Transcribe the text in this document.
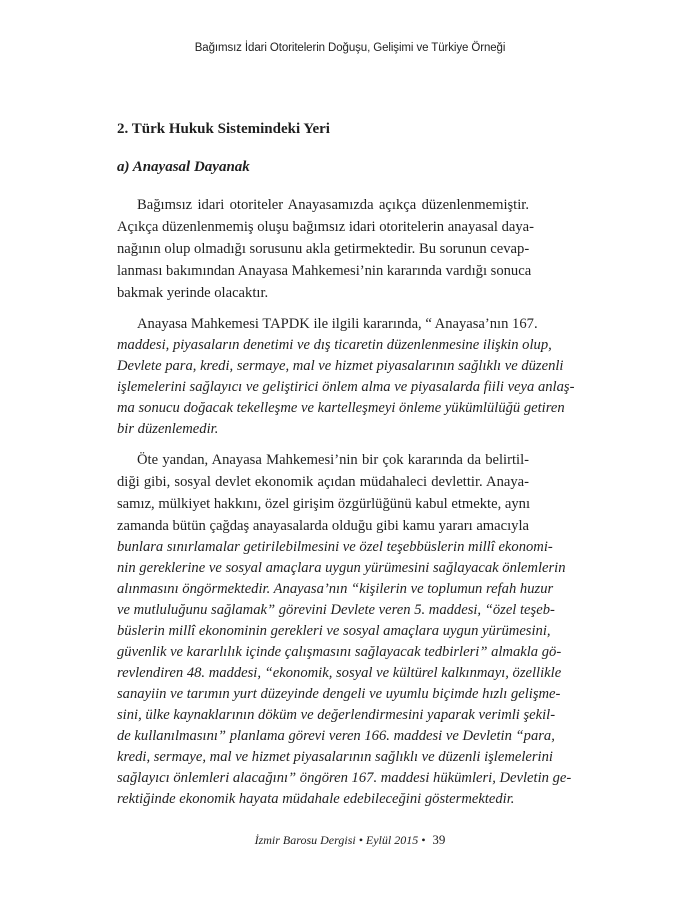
Bağımsız İdari Otoritelerin Doğuşu, Gelişimi ve Türkiye Örneği
2. Türk Hukuk Sistemindeki Yeri
a) Anayasal Dayanak
Bağımsız idari otoriteler Anayasamızda açıkça düzenlenmemiştir.
Açıkça düzenlenmemiş oluşu bağımsız idari otoritelerin anayasal daya-
nağının olup olmadığı sorusunu akla getirmektedir. Bu sorunun cevap-
lanması bakımından Anayasa Mahkemesi’nin kararında vardığı sonuca
bakmak yerinde olacaktır.
Anayasa Mahkemesi TAPDK ile ilgili kararında, “ Anayasa’nın 167.
maddesi, piyasaların denetimi ve dış ticaretin düzenlenmesine ilişkin olup,
Devlete para, kredi, sermaye, mal ve hizmet piyasalarının sağlıklı ve düzenli
işlemelerini sağlayıcı ve geliştirici önlem alma ve piyasalarda fiili veya anlaş-
ma sonucu doğacak tekelleşme ve kartelleşmeyi önleme yükümlülüğü getiren
bir düzenlemedir.
Öte yandan, Anayasa Mahkemesi’nin bir çok kararında da belirtil-
diği gibi, sosyal devlet ekonomik açıdan müdahaleci devlettir. Anaya-
samız, mülkiyet hakkını, özel girişim özgürlüğünü kabul etmekte, aynı
zamanda bütün çağdaş anayasalarda olduğu gibi kamu yararı amacıyla
bunlara sınırlamalar getirilebilmesini ve özel teşebbüslerin millî ekonomi-
nin gereklerine ve sosyal amaçlara uygun yürümesini sağlayacak önlemlerin
alınmasını öngörmektedir. Anayasa’nın “kişilerin ve toplumun refah huzur
ve mutluluğunu sağlamak” görevini Devlete veren 5. maddesi, “özel teşeb-
büslerin millî ekonominin gerekleri ve sosyal amaçlara uygun yürümesini,
güvenlik ve kararlılık içinde çalışmasını sağlayacak tedbirleri” almakla gö-
revlendiren 48. maddesi, “ekonomik, sosyal ve kültürel kalkınmayı, özellikle
sanayiin ve tarımın yurt düzeyinde dengeli ve uyumlu biçimde hızlı gelişme-
sini, ülke kaynaklarının döküm ve değerlendirmesini yaparak verimli şekil-
de kullanılmasını” planlama görevi veren 166. maddesi ve Devletin “para,
kredi, sermaye, mal ve hizmet piyasalarının sağlıklı ve düzenli işlemelerini
sağlayıcı önlemleri alacağını” öngören 167. maddesi hükümleri, Devletin ge-
rektiğinde ekonomik hayata müdahale edebileceğini göstermektedir.
İzmir Barosu Dergisi • Eylül 2015 • 39
